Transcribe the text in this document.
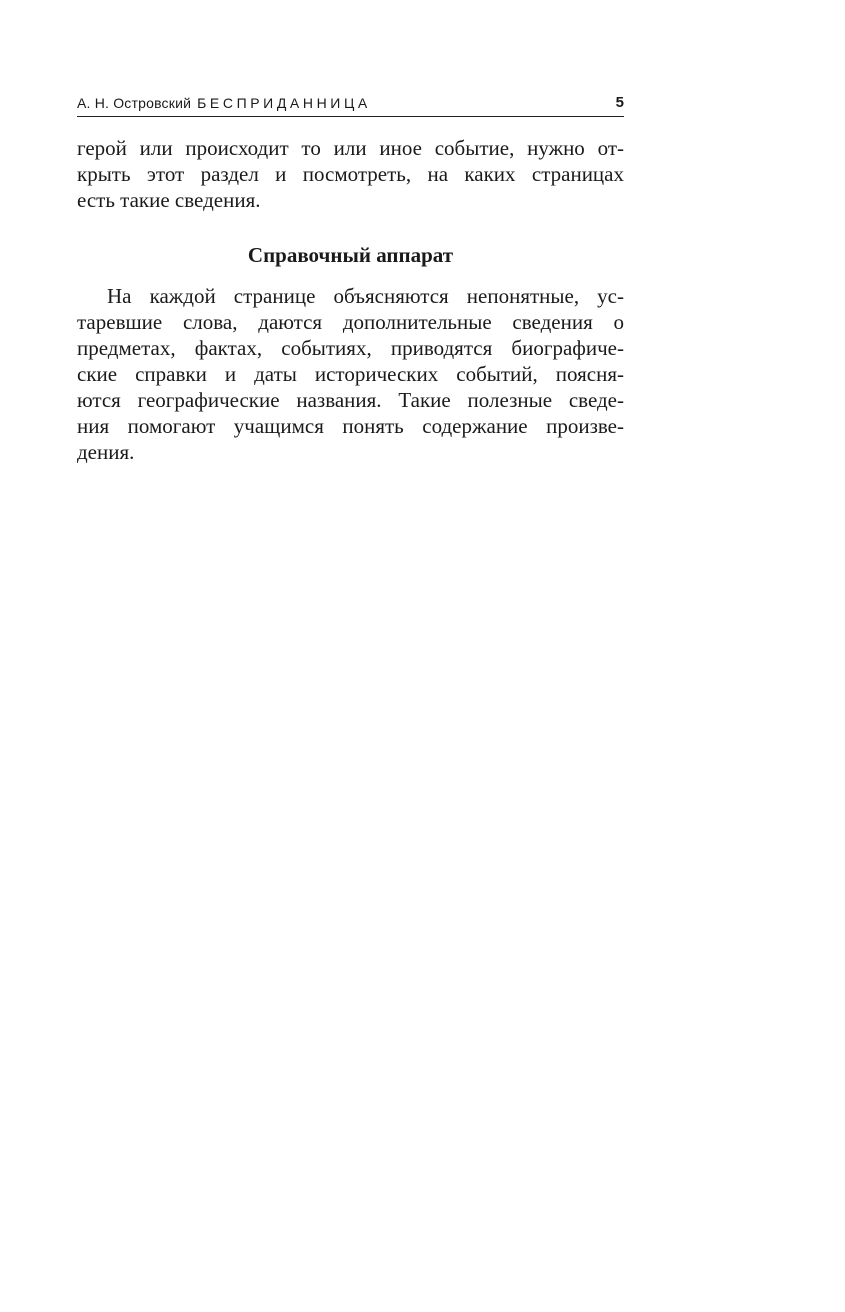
А. Н. Островский БЕСПРИДАННИЦА	5
герой или происходит то или иное событие, нужно от-
крыть этот раздел и посмотреть, на каких страницах
есть такие сведения.
Справочный аппарат
На каждой странице объясняются непонятные, ус-
таревшие слова, даются дополнительные сведения о
предметах, фактах, событиях, приводятся биографиче-
ские справки и даты исторических событий, поясня-
ются географические названия. Такие полезные сведе-
ния помогают учащимся понять содержание произве-
дения.
